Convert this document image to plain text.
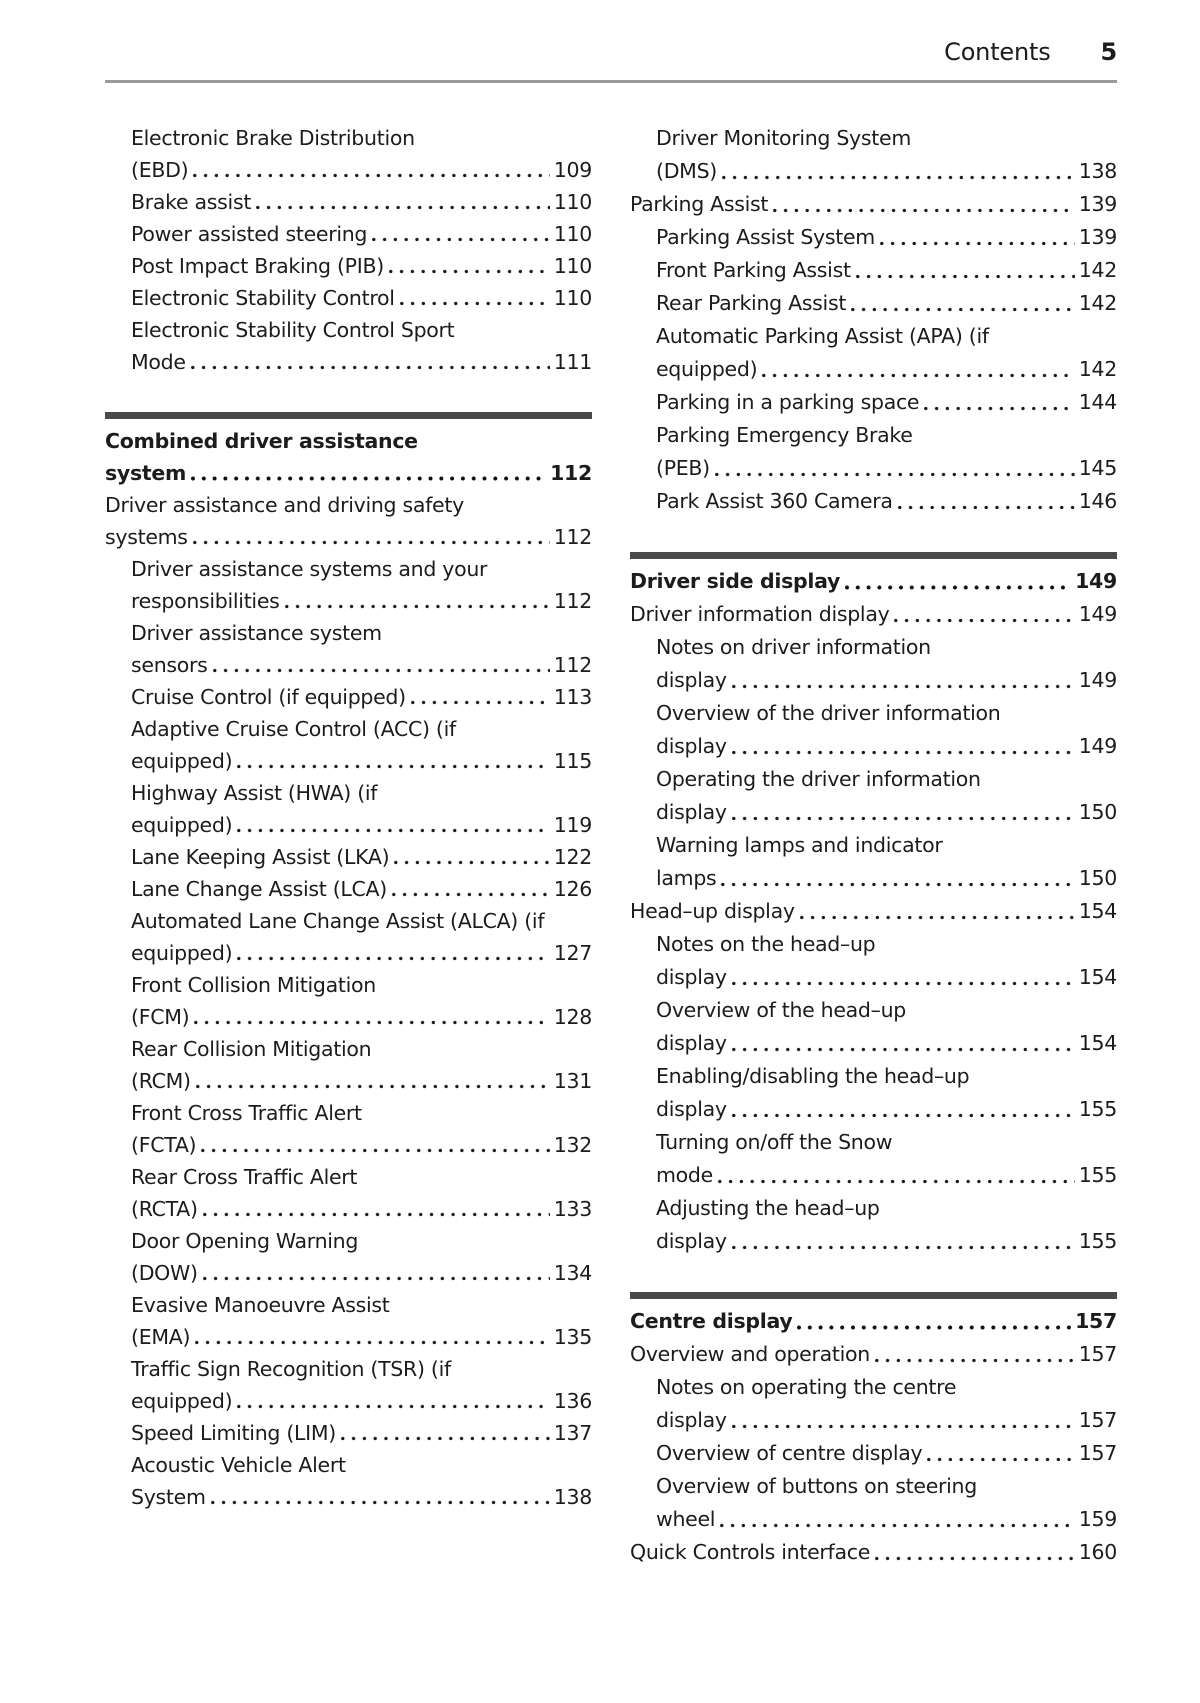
Contents 5
Electronic Brake Distribution
(EBD)	109
Brake assist	110
Power assisted steering	110
Post Impact Braking (PIB)	110
Electronic Stability Control	110
Electronic Stability Control Sport
Mode	111
Combined driver assistance
system	112
Driver assistance and driving safety
systems	112
Driver assistance systems and your
responsibilities	112
Driver assistance system
sensors	112
Cruise Control (if equipped)	113
Adaptive Cruise Control (ACC) (if
equipped)	115
Highway Assist (HWA) (if
equipped)	119
Lane Keeping Assist (LKA)	122
Lane Change Assist (LCA)	126
Automated Lane Change Assist (ALCA) (if
equipped)	127
Front Collision Mitigation
(FCM)	128
Rear Collision Mitigation
(RCM)	131
Front Cross Traffic Alert
(FCTA)	132
Rear Cross Traffic Alert
(RCTA)	133
Door Opening Warning
(DOW)	134
Evasive Manoeuvre Assist
(EMA)	135
Traffic Sign Recognition (TSR) (if
equipped)	136
Speed Limiting (LIM)	137
Acoustic Vehicle Alert
System	138
Driver Monitoring System
(DMS)	138
Parking Assist	139
Parking Assist System	139
Front Parking Assist	142
Rear Parking Assist	142
Automatic Parking Assist (APA) (if
equipped)	142
Parking in a parking space	144
Parking Emergency Brake
(PEB)	145
Park Assist 360 Camera	146
Driver side display	149
Driver information display	149
Notes on driver information
display	149
Overview of the driver information
display	149
Operating the driver information
display	150
Warning lamps and indicator
lamps	150
Head–up display	154
Notes on the head–up
display	154
Overview of the head–up
display	154
Enabling/disabling the head–up
display	155
Turning on/off the Snow
mode	155
Adjusting the head–up
display	155
Centre display	157
Overview and operation	157
Notes on operating the centre
display	157
Overview of centre display	157
Overview of buttons on steering
wheel	159
Quick Controls interface	160
